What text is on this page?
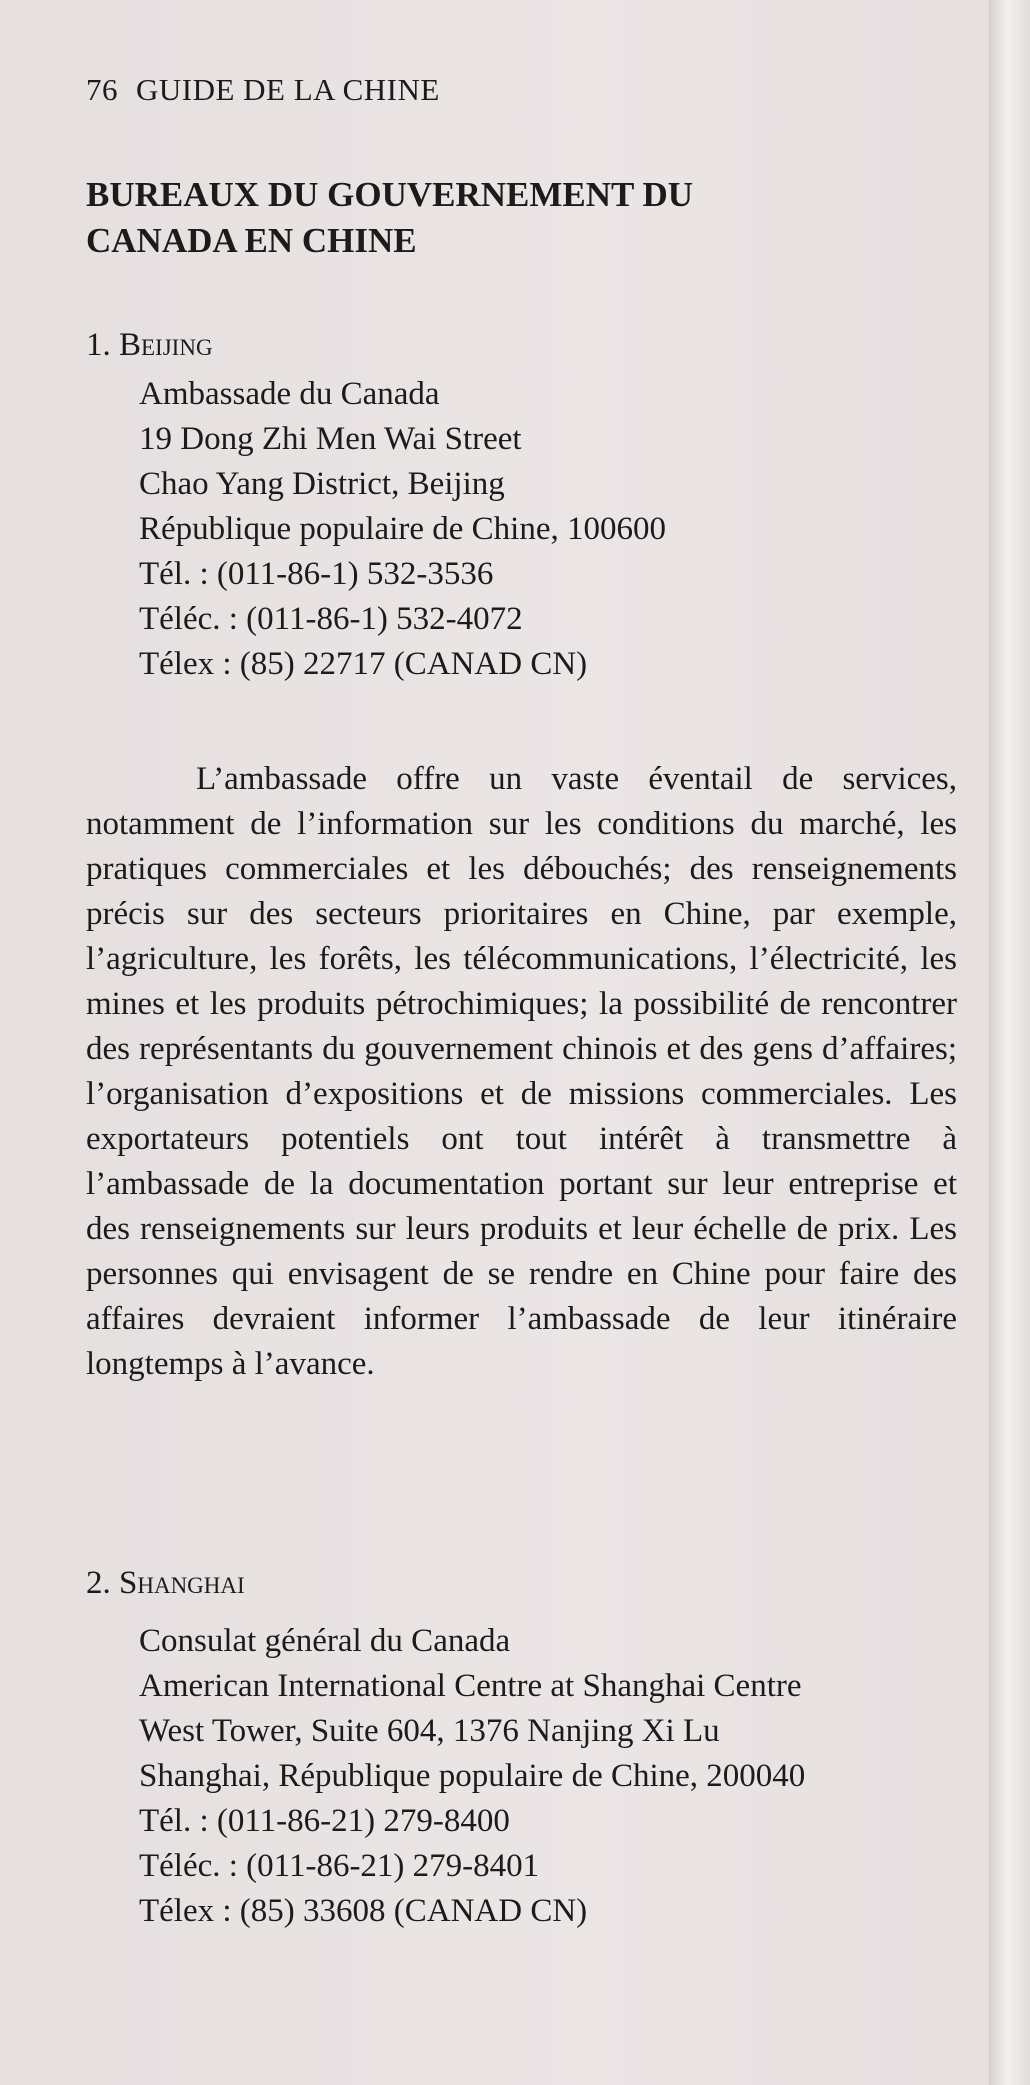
76 GUIDE DE LA CHINE
BUREAUX DU GOUVERNEMENT DU CANADA EN CHINE
1. Beijing
Ambassade du Canada
19 Dong Zhi Men Wai Street
Chao Yang District, Beijing
République populaire de Chine, 100600
Tél. : (011-86-1) 532-3536
Téléc. : (011-86-1) 532-4072
Télex : (85) 22717 (CANAD CN)

L’ambassade offre un vaste éventail de services, notamment de l’information sur les conditions du marché, les pratiques commerciales et les débouchés; des renseignements précis sur des secteurs prioritaires en Chine, par exemple, l’agriculture, les forêts, les télécommunications, l’électricité, les mines et les produits pétrochimiques; la possibilité de rencontrer des représentants du gouvernement chinois et des gens d’affaires; l’organisation d’expositions et de missions commerciales. Les exportateurs potentiels ont tout intérêt à transmettre à l’ambassade de la documentation portant sur leur entreprise et des renseignements sur leurs produits et leur échelle de prix. Les personnes qui envisagent de se rendre en Chine pour faire des affaires devraient informer l’ambassade de leur itinéraire longtemps à l’avance.

2. Shanghai
Consulat général du Canada
American International Centre at Shanghai Centre
West Tower, Suite 604, 1376 Nanjing Xi Lu
Shanghai, République populaire de Chine, 200040
Tél. : (011-86-21) 279-8400
Téléc. : (011-86-21) 279-8401
Télex : (85) 33608 (CANAD CN)
